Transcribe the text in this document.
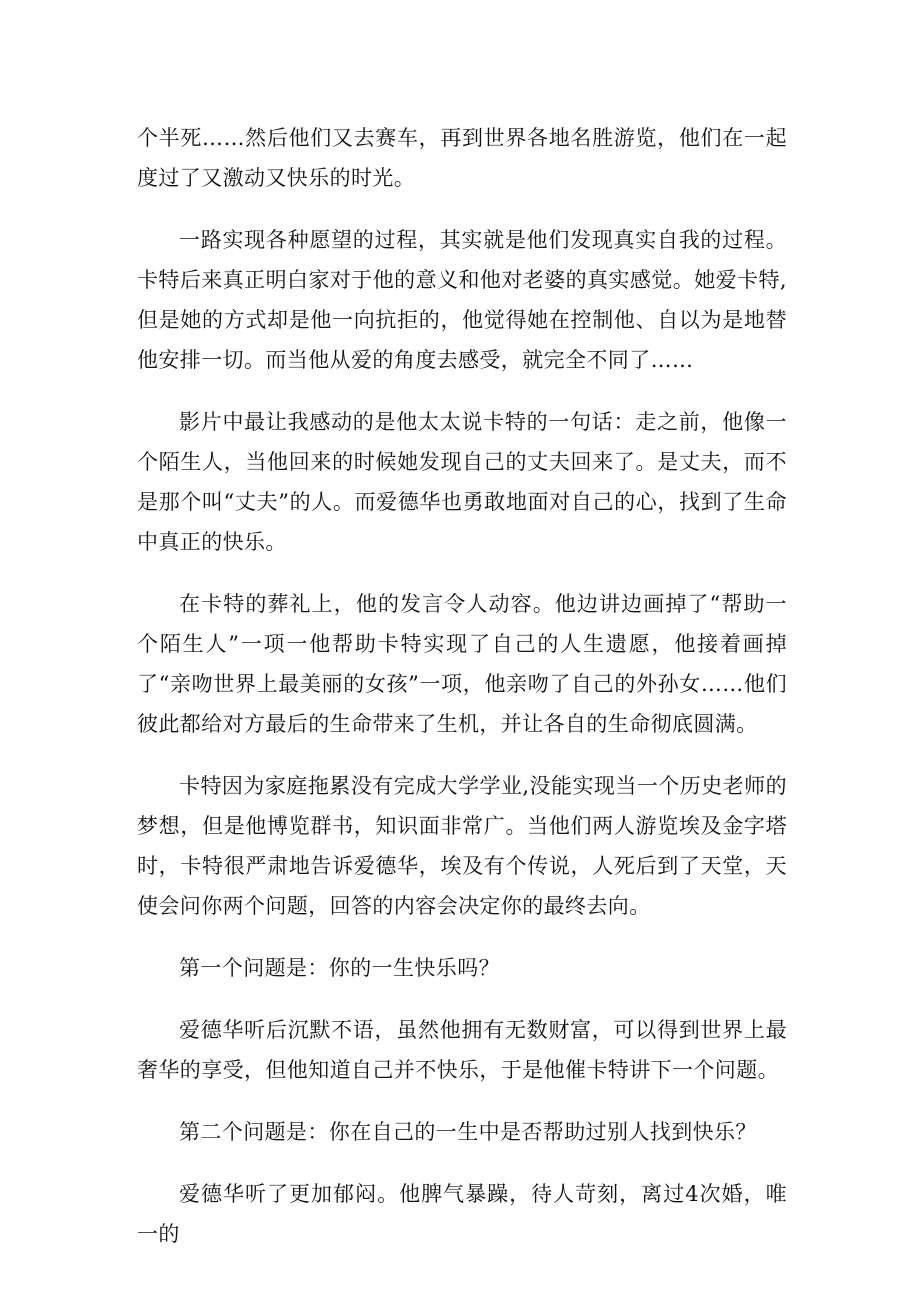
个半死……然后他们又去赛车，再到世界各地名胜游览，他们在一起度过了又激动又快乐的时光。

一路实现各种愿望的过程，其实就是他们发现真实自我的过程。卡特后来真正明白家对于他的意义和他对老婆的真实感觉。她爱卡特,但是她的方式却是他一向抗拒的，他觉得她在控制他、自以为是地替他安排一切。而当他从爱的角度去感受，就完全不同了……

影片中最让我感动的是他太太说卡特的一句话：走之前，他像一个陌生人，当他回来的时候她发现自己的丈夫回来了。是丈夫，而不是那个叫“丈夫”的人。而爱德华也勇敢地面对自己的心，找到了生命中真正的快乐。

在卡特的葬礼上，他的发言令人动容。他边讲边画掉了“帮助一个陌生人”一项一他帮助卡特实现了自己的人生遗愿，他接着画掉了“亲吻世界上最美丽的女孩”一项，他亲吻了自己的外孙女……他们彼此都给对方最后的生命带来了生机，并让各自的生命彻底圆满。

卡特因为家庭拖累没有完成大学学业,没能实现当一个历史老师的梦想，但是他博览群书，知识面非常广。当他们两人游览埃及金字塔时，卡特很严肃地告诉爱德华，埃及有个传说，人死后到了天堂，天使会问你两个问题，回答的内容会决定你的最终去向。

第一个问题是：你的一生快乐吗？

爱德华听后沉默不语，虽然他拥有无数财富，可以得到世界上最奢华的享受，但他知道自己并不快乐，于是他催卡特讲下一个问题。

第二个问题是：你在自己的一生中是否帮助过别人找到快乐？

爱德华听了更加郁闷。他脾气暴躁，待人苛刻，离过4次婚，唯一的
